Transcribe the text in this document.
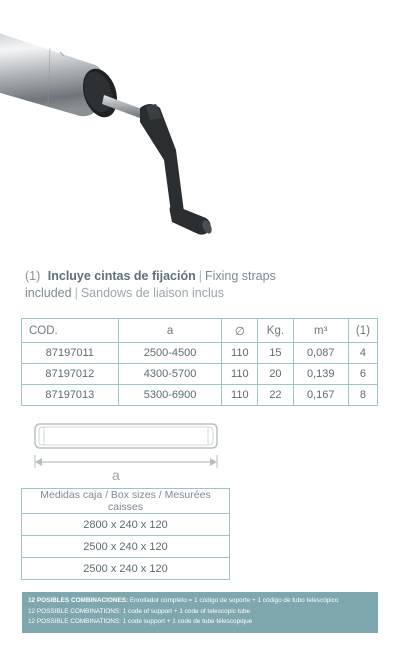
(1) Incluye cintas de fijación | Fixing straps included | Sandows de liaison inclus
COD.	a	∅	Kg.	m³	(1)
87197011	2500-4500	110	15	0,087	4
87197012	4300-5700	110	20	0,139	6
87197013	5300-6900	110	22	0,167	8
a
Medidas caja / Box sizes / Mesurées caisses
2800 x 240 x 120
2500 x 240 x 120
2500 x 240 x 120
12 POSIBLES COMBINACIONES: Enrollador completo = 1 código de soporte + 1 código de tubo telescópico
12 POSSIBLE COMBINATIONS: 1 code of support + 1 code of telescopic tube
12 POSSIBLE COMBINATIONS: 1 code support + 1 code de tube télescopique
